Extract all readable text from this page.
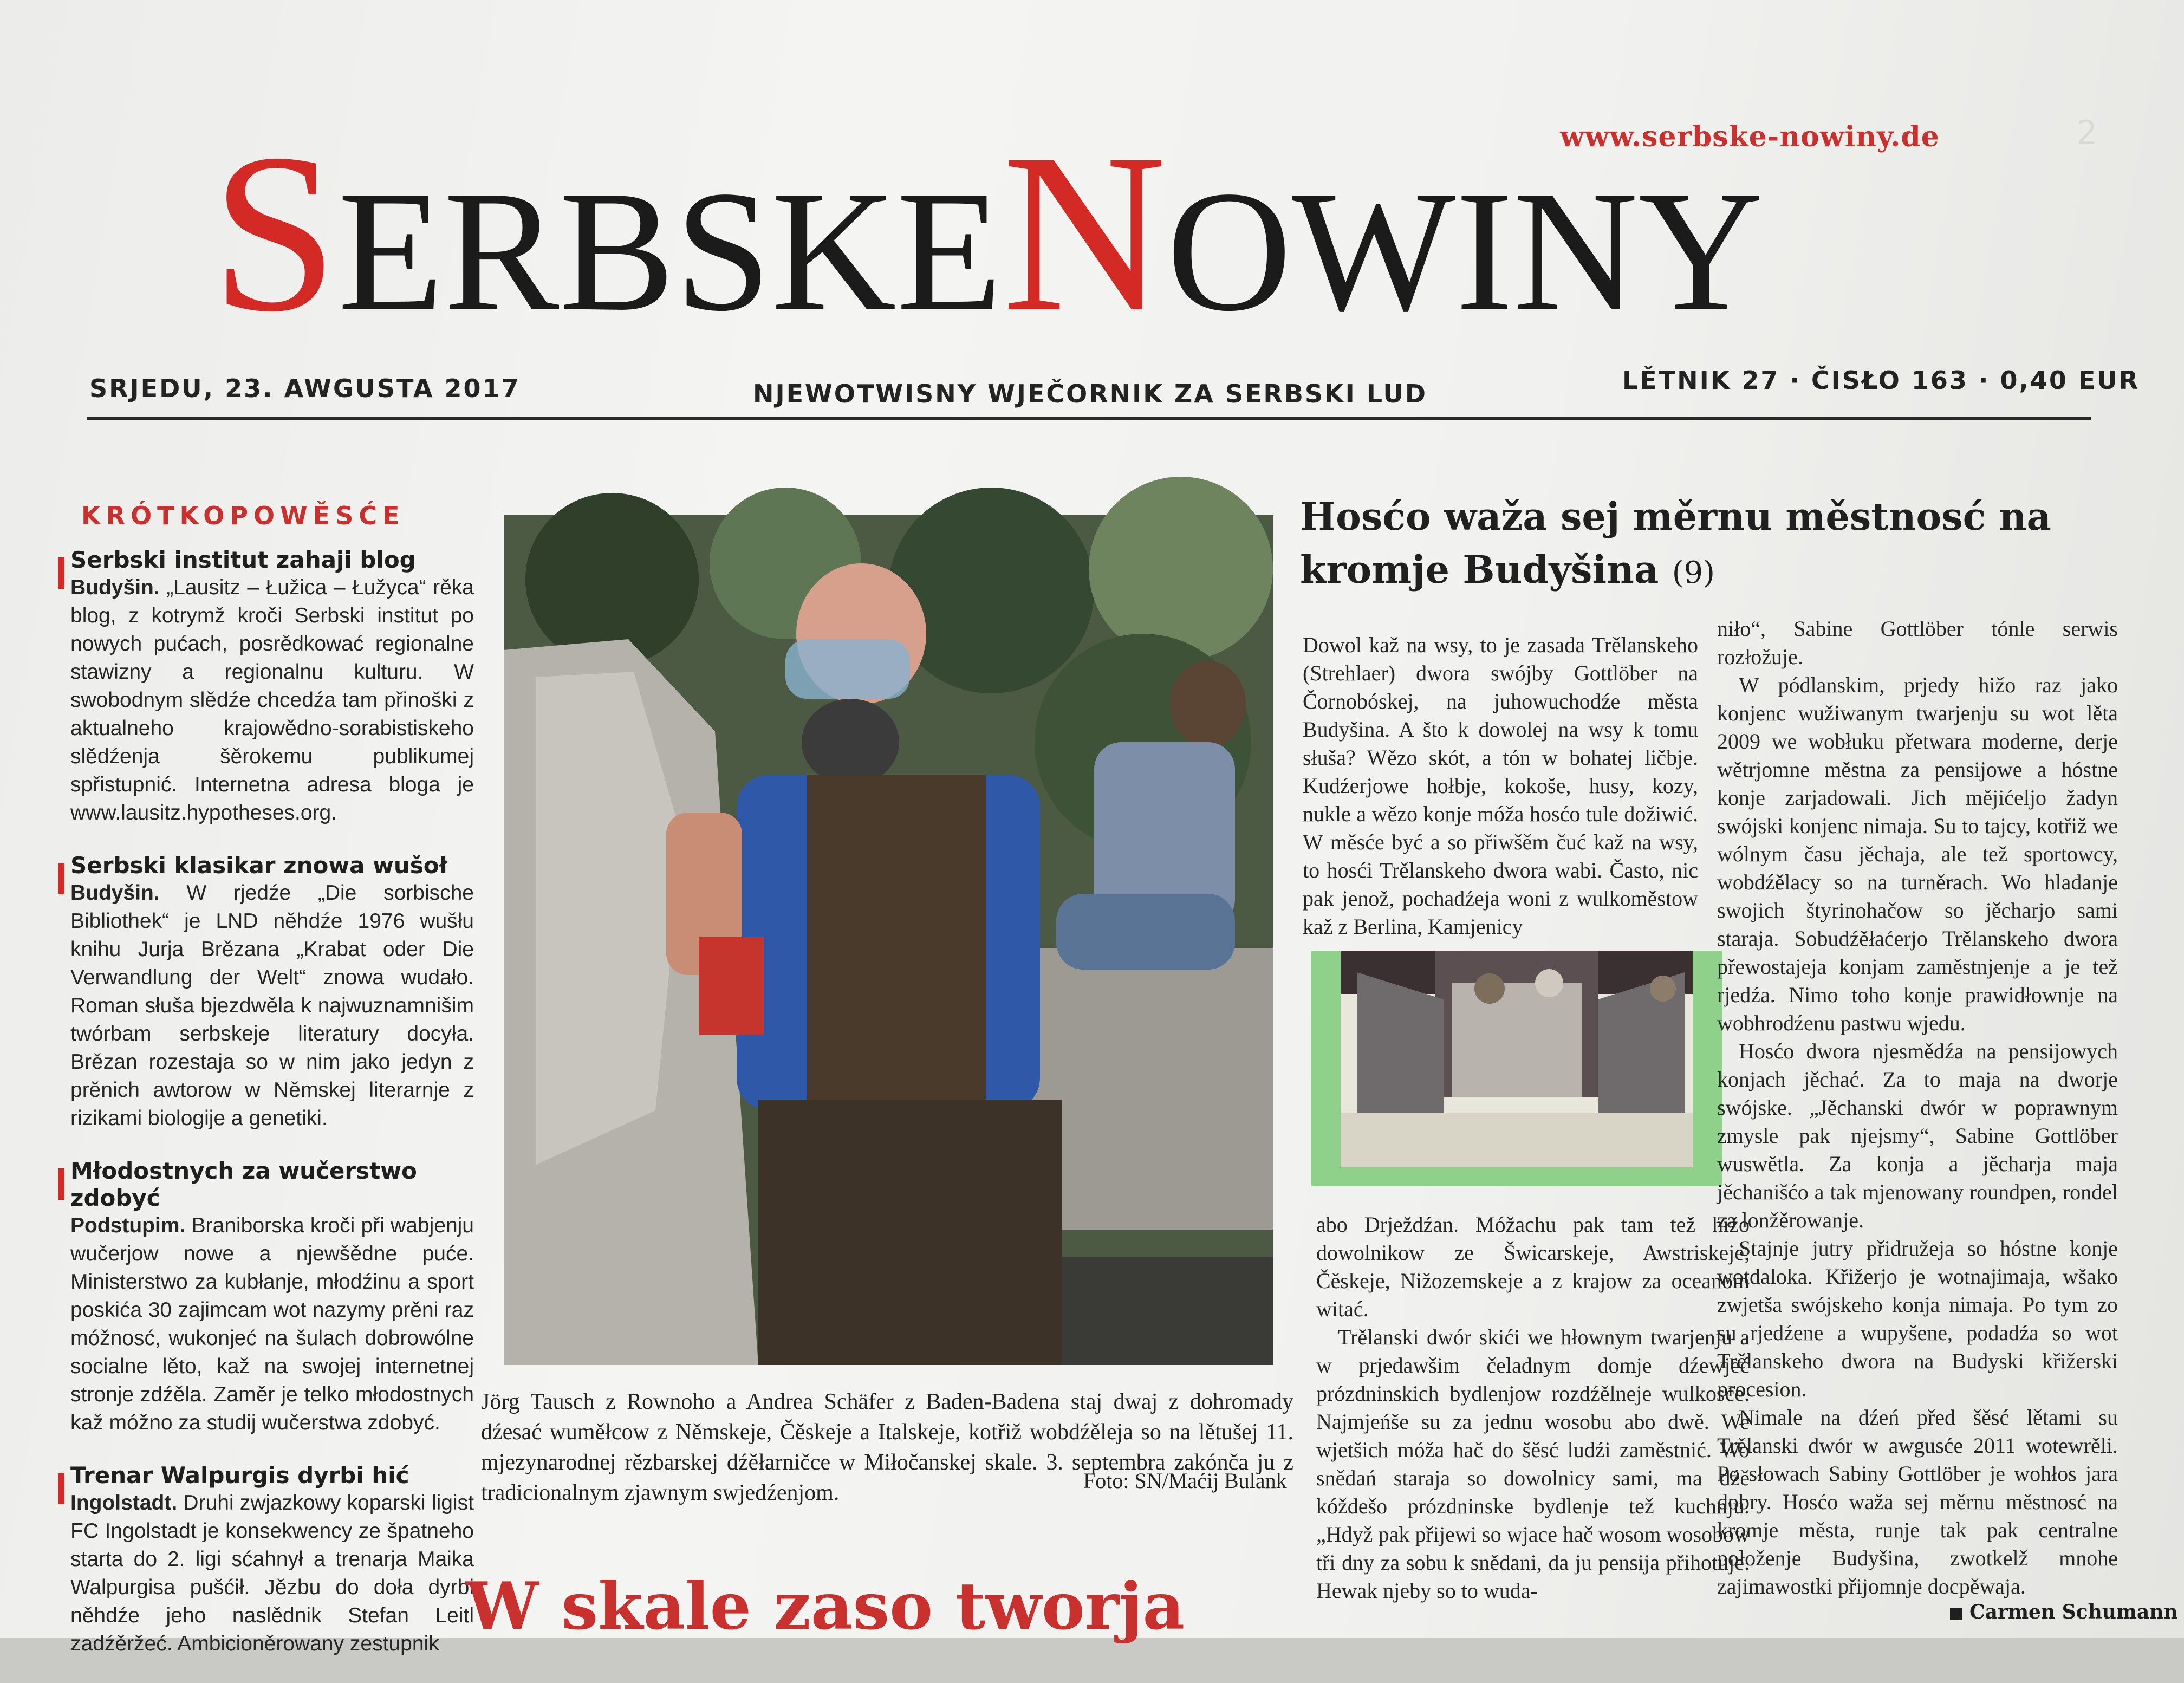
2
www.serbske-nowiny.de
SERBSKENOWINY
SRJEDU, 23. AWGUSTA 2017	NJEWOTWISNY WJEČORNIK ZA SERBSKI LUD	LĚTNIK 27 · ČISŁO 163 · 0,40 EUR
KRÓTKOPOWĚSĆE
Serbski institut zahaji blog

Budyšin. „Lausitz – Łužica – Łužyca“ rěka blog, z kotrymž kroči Serbski institut po nowych pućach, posrědkować regionalne stawizny a regionalnu kulturu. W swobodnym slědźe chcedźa tam přinoški z aktualneho krajowědno-sorabistiskeho slědźenja šěrokemu publikumej spřistupnić. Internetna adresa bloga je www.lausitz.hypotheses.org.

Serbski klasikar znowa wušoł

Budyšin. W rjedźe „Die sorbische Bibliothek“ je LND něhdźe 1976 wušłu knihu Jurja Brězana „Krabat oder Die Verwandlung der Welt“ znowa wudało. Roman słuša bjezdwěla k najwuznamnišim twórbam serbskeje literatury docyła. Brězan rozestaja so w nim jako jedyn z prěnich awtorow w Němskej literarnje z rizikami biologije a genetiki.

Młodostnych za wučerstwo zdobyć

Podstupim. Braniborska kroči při wabjenju wučerjow nowe a njewšědne puće. Ministerstwo za kubłanje, młodźinu a sport poskića 30 zajimcam wot nazymy prěni raz móžnosć, wukonjeć na šulach dobrowólne socialne lěto, kaž na swojej internetnej stronje zdźěla. Zaměr je telko młodostnych kaž móžno za studij wučerstwa zdobyć.

Trenar Walpurgis dyrbi hić

Ingolstadt. Druhi zwjazkowy koparski ligist FC Ingolstadt je konsekwency ze špatneho starta do 2. ligi sćahnył a trenarja Maika Walpurgisa pušćił. Jězbu do doła dyrbi něhdźe jeho naslědnik Stefan Leitl zadźěržeć. Ambicioněrowany zestupnik

Jörg Tausch z Rownoho a Andrea Schäfer z Baden-Badena staj dwaj z dohromady dźesać wuměłcow z Němskeje, Čěskeje a Italskeje, kotřiž wobdźěleja so na lětušej 11. mjezynarodnej rězbarskej dźěłarničce w Miłočanskej skale. 3. septembra zakónča ju z tradicionalnym zjawnym swjedźenjom.	Foto: SN/Maćij Bulank
Hosćo waža sej měrnu městnosć na kromje Budyšina (9)

Dowol kaž na wsy, to je zasada Trělanskeho (Strehlaer) dwora swójby Gottlöber na Čornobóskej, na juhowuchodźe města Budyšina. A što k dowolej na wsy k tomu słuša? Wězo skót, a tón w bohatej ličbje. Kudźerjowe hołbje, kokoše, husy, kozy, nukle a wězo konje móža hosćo tule dožiwić. W měsće być a so přiwšěm čuć kaž na wsy, to hosći Trělanskeho dwora wabi. Často, nic pak jenož, pochadźeja woni z wulkoměstow kaž z Berlina, Kamjenicy

abo Drježdźan. Móžachu pak tam tež hižo dowolnikow ze Šwicarskeje, Awstriskeje, Čěskeje, Nižozemskeje a z krajow za oceanom witać.

Trělanski dwór skići we hłownym twarjenju a w prjedawšim čeladnym domje dźewjeć prózdninskich bydlenjow rozdźělneje wulkosće. Najmjeńše su za jednu wosobu abo dwě. We wjetšich móža hač do šěsć ludźi zaměstnić. Wo snědań staraja so dowolnicy sami, ma dźě kóždešo prózdninske bydlenje tež kuchnju. „Hdyž pak přijewi so wjace hač wosom wosobow tři dny za sobu k snědani, da ju pensija přihotuje. Hewak njeby so to wuda-

niło“, Sabine Gottlöber tónle serwis rozłožuje.

W pódlanskim, prjedy hižo raz jako konjenc wužiwanym twarjenju su wot lěta 2009 we wobłuku přetwara moderne, derje wětrjomne městna za pensijowe a hóstne konje zarjadowali. Jich mějićeljo žadyn swójski konjenc nimaja. Su to tajcy, kotřiž we wólnym času jěchaja, ale tež sportowcy, wobdźělacy so na turněrach. Wo hladanje swojich štyrinohačow so jěcharjo sami staraja. Sobudźěłaćerjo Trělanskeho dwora přewostajeja konjam zaměstnjenje a je tež rjedźa. Nimo toho konje prawidłownje na wobhrodźenu pastwu wjedu.

Hosćo dwora njesmědźa na pensijowych konjach jěchać. Za to maja na dworje swójske. „Jěchanski dwór w poprawnym zmysle pak njejsmy“, Sabine Gottlöber wuswětla. Za konja a jěcharja maja jěchanišćo a tak mjenowany roundpen, rondel za lonžěrowanje.

Stajnje jutry přidružeja so hóstne konje wotdaloka. Křižerjo je wotnajimaja, wšako zwjetša swójskeho konja nimaja. Po tym zo su rjedźene a wupyšene, podadźa so wot Trělanskeho dwora na Budyski křižerski procesion.

Nimale na dźeń před šěsć lětami su Trělanski dwór w awgusće 2011 wotewrěli. Po słowach Sabiny Gottlöber je wohłos jara dobry. Hosćo waža sej měrnu městnosć na kromje města, runje tak pak centralne połoženje Budyšina, zwotkelž mnohe zajimawostki přijomnje docpěwaja.

Carmen Schumann
W skale zaso tworja
